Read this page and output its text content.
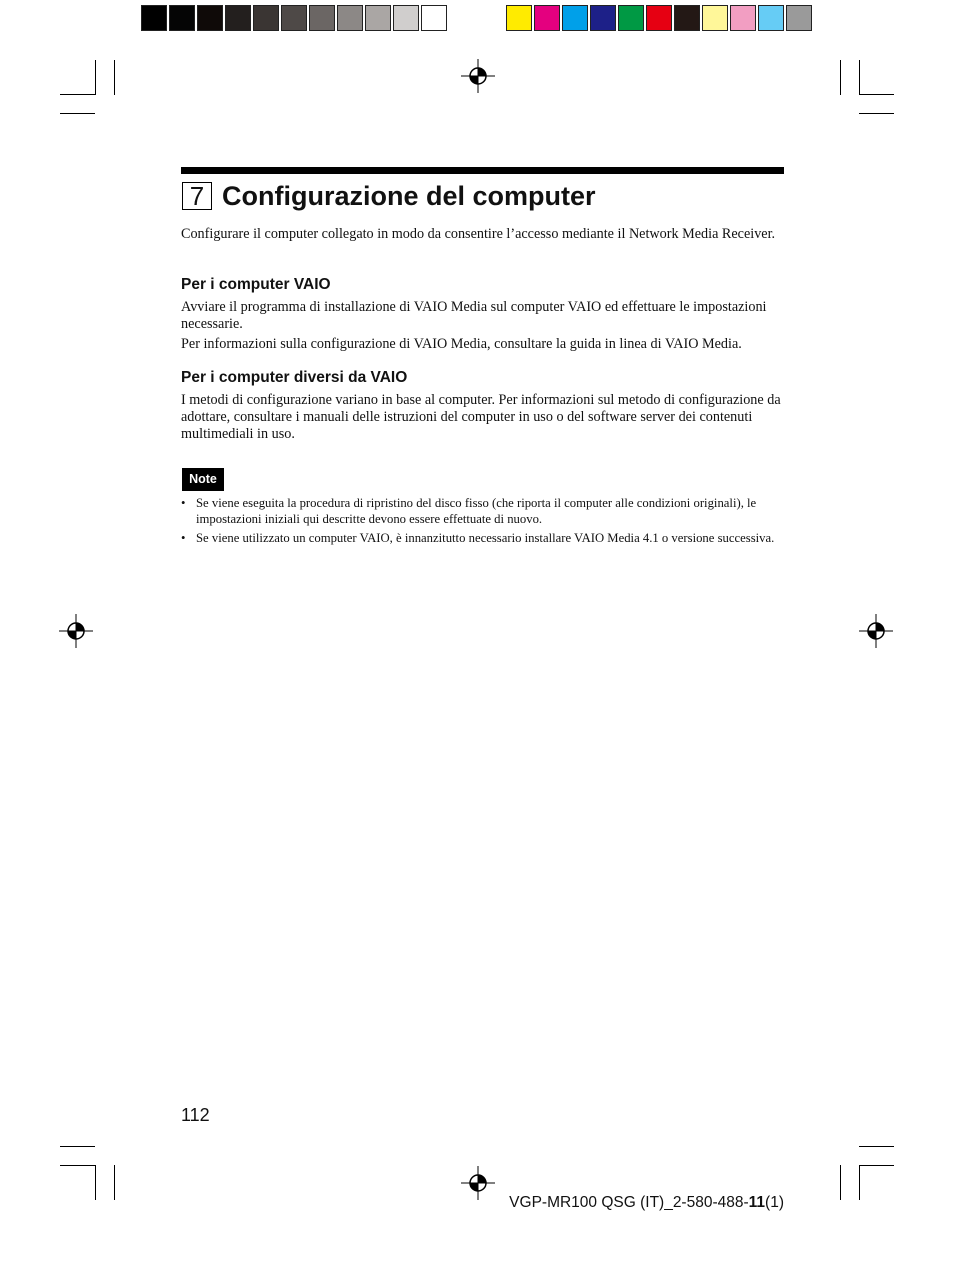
7 Configurazione del computer
Configurare il computer collegato in modo da consentire l’accesso mediante il Network Media Receiver.
Per i computer VAIO
Avviare il programma di installazione di VAIO Media sul computer VAIO ed effettuare le impostazioni necessarie.
Per informazioni sulla configurazione di VAIO Media, consultare la guida in linea di VAIO Media.
Per i computer diversi da VAIO
I metodi di configurazione variano in base al computer. Per informazioni sul metodo di configurazione da adottare, consultare i manuali delle istruzioni del computer in uso o del software server dei contenuti multimediali in uso.
Note
• Se viene eseguita la procedura di ripristino del disco fisso (che riporta il computer alle condizioni originali), le impostazioni iniziali qui descritte devono essere effettuate di nuovo.
• Se viene utilizzato un computer VAIO, è innanzitutto necessario installare VAIO Media 4.1 o versione successiva.
112
VGP-MR100 QSG (IT)_2-580-488-11(1)
